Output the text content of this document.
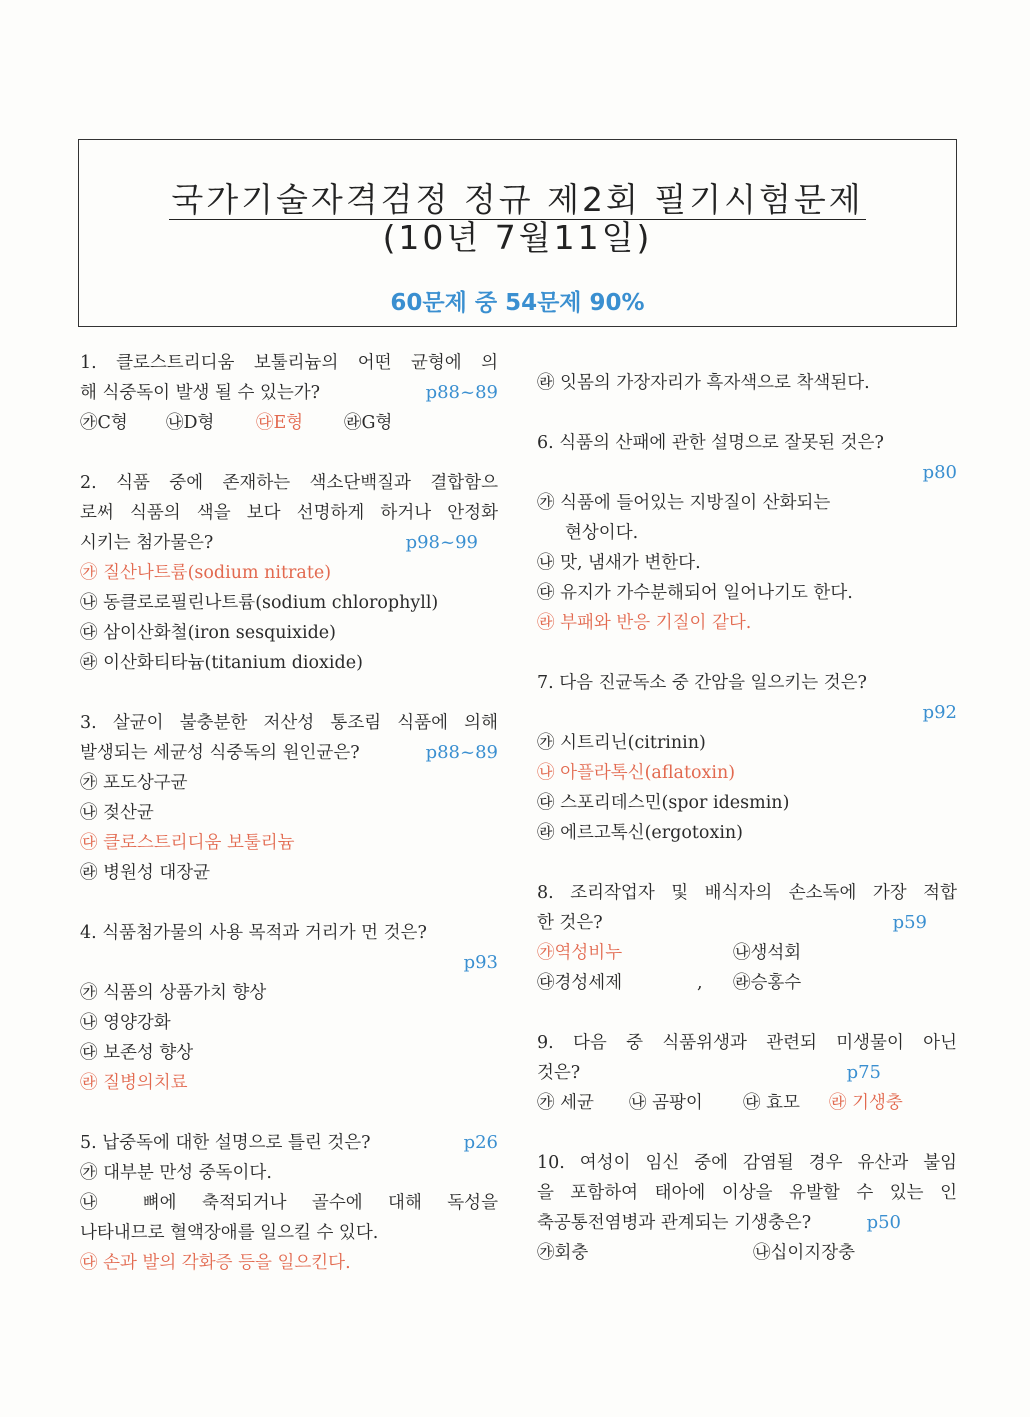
국가기술자격검정 정규 제2회 필기시험문제
(10년 7월11일)
60문제 중 54문제 90%
1. 클로스트리디움 보툴리늄의 어떤 균형에 의
해 식중독이 발생 될 수 있는가?	p88~89
㉮C형	㉯D형	㉰E형	㉱G형
2. 식품 중에 존재하는 색소단백질과 결합함으
로써 식품의 색을 보다 선명하게 하거나 안정화
시키는 첨가물은?	p98~99
㉮ 질산나트륨(sodium nitrate)
㉯ 동클로로필린나트륨(sodium chlorophyll)
㉰ 삼이산화철(iron sesquixide)
㉱ 이산화티타늄(titanium dioxide)
3. 살균이 불충분한 저산성 통조림 식품에 의해
발생되는 세균성 식중독의 원인균은?	p88~89
㉮ 포도상구균
㉯ 젖산균
㉰ 클로스트리디움 보툴리늄
㉱ 병원성 대장균
4. 식품첨가물의 사용 목적과 거리가 먼 것은?
p93
㉮ 식품의 상품가치 향상
㉯ 영양강화
㉰ 보존성 향상
㉱ 질병의치료
5. 납중독에 대한 설명으로 틀린 것은?	p26
㉮ 대부분 만성 중독이다.
㉯ 뼈에 축적되거나 골수에 대해 독성을
나타내므로 혈액장애를 일으킬 수 있다.
㉰ 손과 발의 각화증 등을 일으킨다.
㉱ 잇몸의 가장자리가 흑자색으로 착색된다.
6. 식품의 산패에 관한 설명으로 잘못된 것은?
p80
㉮ 식품에 들어있는 지방질이 산화되는
현상이다.
㉯ 맛, 냄새가 변한다.
㉰ 유지가 가수분해되어 일어나기도 한다.
㉱ 부패와 반응 기질이 같다.
7. 다음 진균독소 중 간암을 일으키는 것은?
p92
㉮ 시트리닌(citrinin)
㉯ 아플라톡신(aflatoxin)
㉰ 스포리데스민(spor idesmin)
㉱ 에르고톡신(ergotoxin)
8. 조리작업자 및 배식자의 손소독에 가장 적합
한 것은?	p59
㉮역성비누	㉯생석회
㉰경성세제	,	㉱승홍수
9. 다음 중 식품위생과 관련되 미생물이 아닌
것은?	p75
㉮ 세균	㉯ 곰팡이	㉰ 효모	㉱ 기생충
10. 여성이 임신 중에 감염될 경우 유산과 불임
을 포함하여 태아에 이상을 유발할 수 있는 인
축공통전염병과 관계되는 기생충은?	p50
㉮회충	㉯십이지장충
